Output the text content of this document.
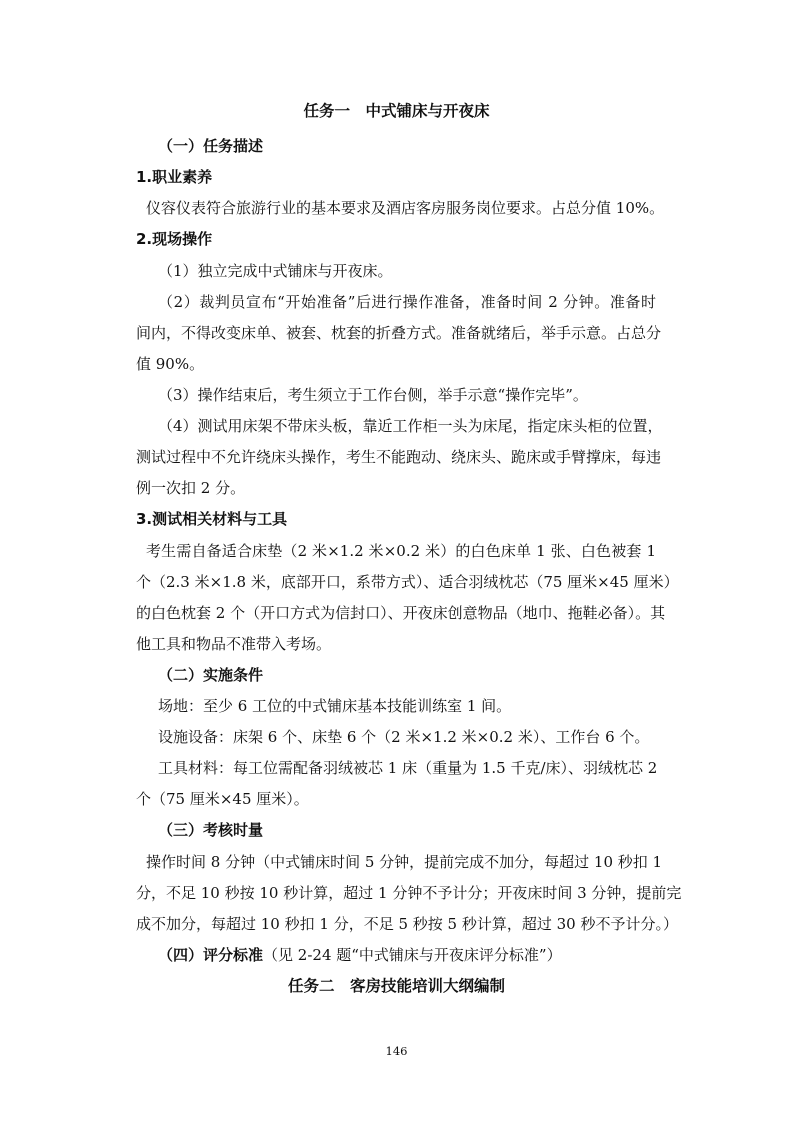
任务一　中式铺床与开夜床
（一）任务描述
1.职业素养
仪容仪表符合旅游行业的基本要求及酒店客房服务岗位要求。占总分值 10%。
2.现场操作
（1）独立完成中式铺床与开夜床。
（2）裁判员宣布“开始准备”后进行操作准备，准备时间 2 分钟。准备时
间内，不得改变床单、被套、枕套的折叠方式。准备就绪后，举手示意。占总分
值 90%。
（3）操作结束后，考生须立于工作台侧，举手示意“操作完毕”。
（4）测试用床架不带床头板，靠近工作柜一头为床尾，指定床头柜的位置，
测试过程中不允许绕床头操作，考生不能跑动、绕床头、跪床或手臂撑床，每违
例一次扣 2 分。
3.测试相关材料与工具
考生需自备适合床垫（2 米×1.2 米×0.2 米）的白色床单 1 张、白色被套 1
个（2.3 米×1.8 米，底部开口，系带方式）、适合羽绒枕芯（75 厘米×45 厘米）
的白色枕套 2 个（开口方式为信封口）、开夜床创意物品（地巾、拖鞋必备）。其
他工具和物品不准带入考场。
（二）实施条件
场地：至少 6 工位的中式铺床基本技能训练室 1 间。
设施设备：床架 6 个、床垫 6 个（2 米×1.2 米×0.2 米）、工作台 6 个。
工具材料：每工位需配备羽绒被芯 1 床（重量为 1.5 千克/床）、羽绒枕芯 2
个（75 厘米×45 厘米）。
（三）考核时量
操作时间 8 分钟（中式铺床时间 5 分钟，提前完成不加分，每超过 10 秒扣 1
分，不足 10 秒按 10 秒计算，超过 1 分钟不予计分；开夜床时间 3 分钟，提前完
成不加分，每超过 10 秒扣 1 分，不足 5 秒按 5 秒计算，超过 30 秒不予计分。）
（四）评分标准（见 2-24 题“中式铺床与开夜床评分标准”）
任务二　客房技能培训大纲编制
146
